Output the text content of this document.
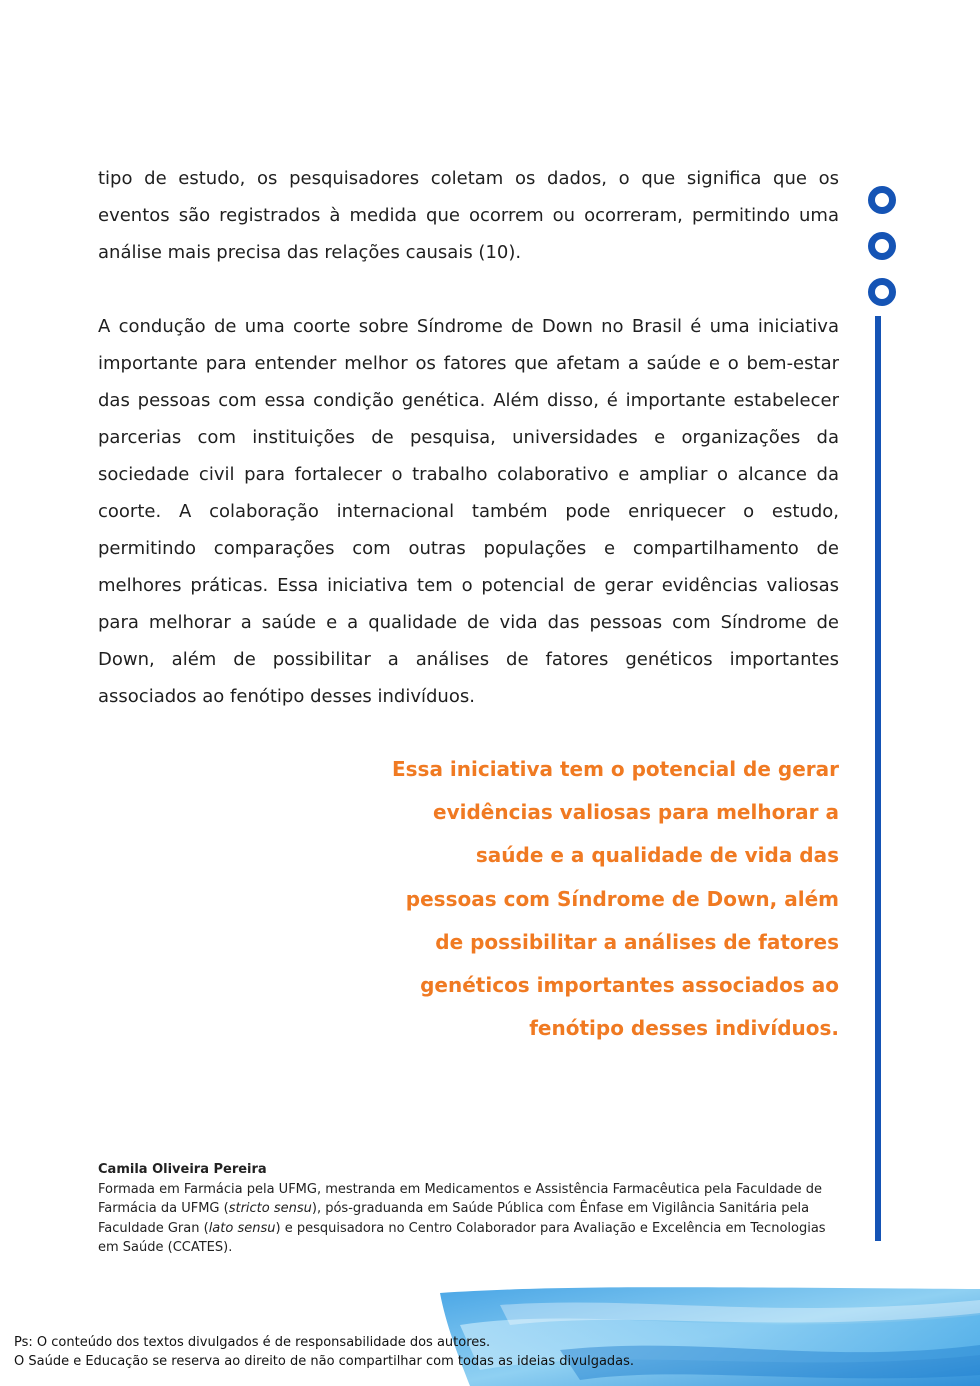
tipo de estudo, os pesquisadores coletam os dados, o que significa que os eventos são registrados à medida que ocorrem ou ocorreram, permitindo uma análise mais precisa das relações causais (10).

A condução de uma coorte sobre Síndrome de Down no Brasil é uma iniciativa importante para entender melhor os fatores que afetam a saúde e o bem-estar das pessoas com essa condição genética. Além disso, é importante estabelecer parcerias com instituições de pesquisa, universidades e organizações da sociedade civil para fortalecer o trabalho colaborativo e ampliar o alcance da coorte. A colaboração internacional também pode enriquecer o estudo, permitindo comparações com outras populações e compartilhamento de melhores práticas. Essa iniciativa tem o potencial de gerar evidências valiosas para melhorar a saúde e a qualidade de vida das pessoas com Síndrome de Down, além de possibilitar a análises de fatores genéticos importantes associados ao fenótipo desses indivíduos.

Essa iniciativa tem o potencial de gerar
evidências valiosas para melhorar a
saúde e a qualidade de vida das
pessoas com Síndrome de Down, além
de possibilitar a análises de fatores
genéticos importantes associados ao
fenótipo desses indivíduos.
Camila Oliveira Pereira
Formada em Farmácia pela UFMG, mestranda em Medicamentos e Assistência Farmacêutica pela Faculdade de Farmácia da UFMG (stricto sensu), pós-graduanda em Saúde Pública com Ênfase em Vigilância Sanitária pela Faculdade Gran (lato sensu) e pesquisadora no Centro Colaborador para Avaliação e Excelência em Tecnologias em Saúde (CCATES).
Ps: O conteúdo dos textos divulgados é de responsabilidade dos autores.
O Saúde e Educação se reserva ao direito de não compartilhar com todas as ideias divulgadas.
